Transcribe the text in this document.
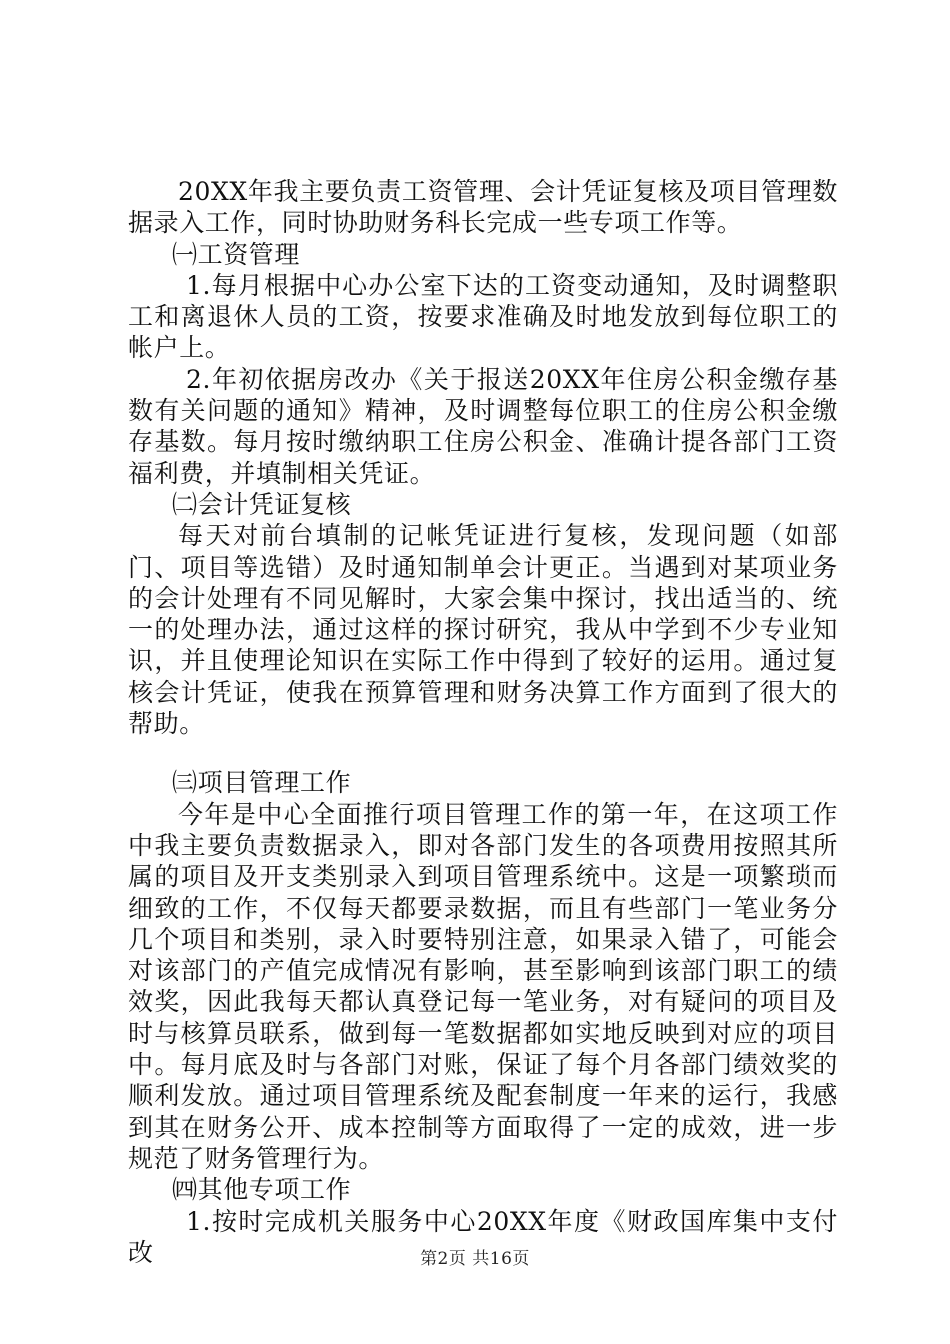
20XX年我主要负责工资管理、会计凭证复核及项目管理数据录入工作，同时协助财务科长完成一些专项工作等。

㈠工资管理

1.每月根据中心办公室下达的工资变动通知，及时调整职工和离退休人员的工资，按要求准确及时地发放到每位职工的帐户上。

2.年初依据房改办《关于报送20XX年住房公积金缴存基数有关问题的通知》精神，及时调整每位职工的住房公积金缴存基数。每月按时缴纳职工住房公积金、准确计提各部门工资福利费，并填制相关凭证。

㈡会计凭证复核

每天对前台填制的记帐凭证进行复核，发现问题（如部门、项目等选错）及时通知制单会计更正。当遇到对某项业务的会计处理有不同见解时，大家会集中探讨，找出适当的、统一的处理办法，通过这样的探讨研究，我从中学到不少专业知识，并且使理论知识在实际工作中得到了较好的运用。通过复核会计凭证，使我在预算管理和财务决算工作方面到了很大的帮助。

㈢项目管理工作

今年是中心全面推行项目管理工作的第一年，在这项工作中我主要负责数据录入，即对各部门发生的各项费用按照其所属的项目及开支类别录入到项目管理系统中。这是一项繁琐而细致的工作，不仅每天都要录数据，而且有些部门一笔业务分几个项目和类别，录入时要特别注意，如果录入错了，可能会对该部门的产值完成情况有影响，甚至影响到该部门职工的绩效奖，因此我每天都认真登记每一笔业务，对有疑问的项目及时与核算员联系，做到每一笔数据都如实地反映到对应的项目中。每月底及时与各部门对账，保证了每个月各部门绩效奖的顺利发放。通过项目管理系统及配套制度一年来的运行，我感到其在财务公开、成本控制等方面取得了一定的成效，进一步规范了财务管理行为。

㈣其他专项工作

1.按时完成机关服务中心20XX年度《财政国库集中支付改	第2页 共16页
